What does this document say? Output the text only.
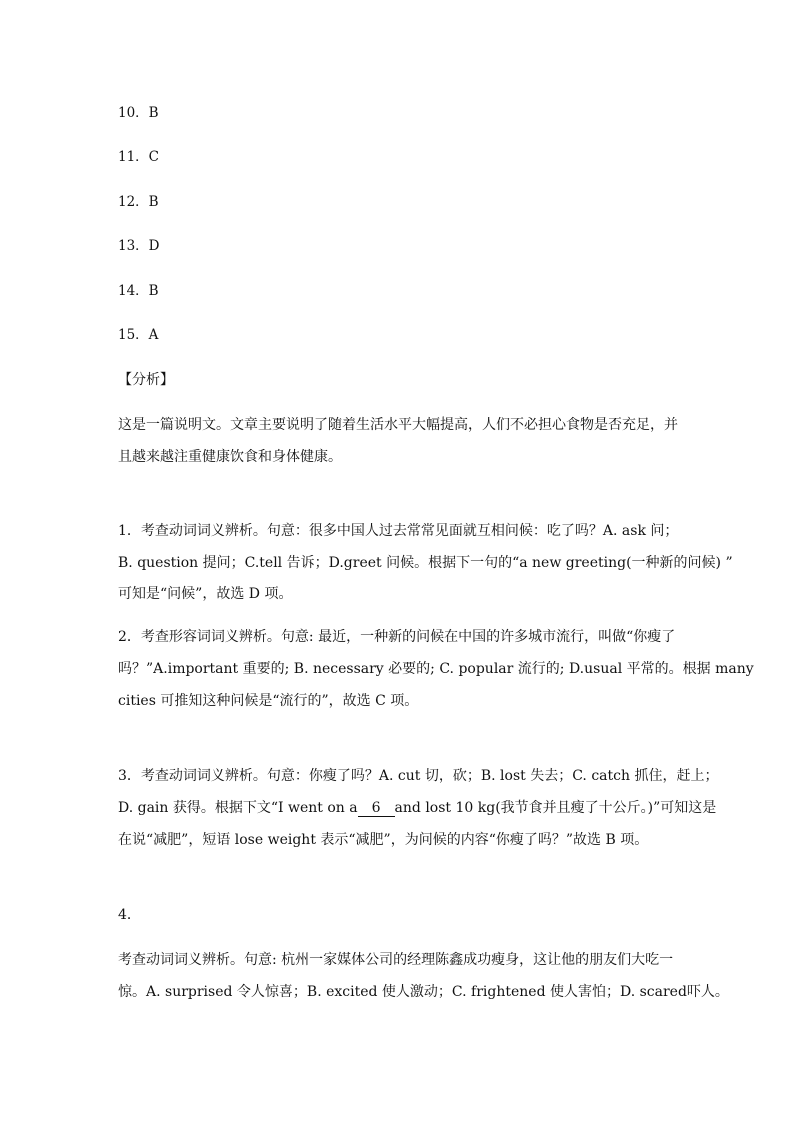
10．B
11．C
12．B
13．D
14．B
15．A
【分析】
这是一篇说明文。文章主要说明了随着生活水平大幅提高，人们不必担心食物是否充足，并
且越来越注重健康饮食和身体健康。
1．考查动词词义辨析。句意：很多中国人过去常常见面就互相问候：吃了吗？A. ask 问；
B. question 提问；C.tell 告诉；D.greet 问候。根据下一句的“a new greeting(一种新的问候) ”
可知是“问候”，故选 D 项。
2．考查形容词词义辨析。句意: 最近，一种新的问候在中国的许多城市流行，叫做“你瘦了
吗？”A.important 重要的; B. necessary 必要的; C. popular 流行的; D.usual 平常的。根据 many
cities 可推知这种问候是“流行的”，故选 C 项。
3．考查动词词义辨析。句意：你瘦了吗？A. cut 切，砍；B. lost 失去；C. catch 抓住，赶上；
D. gain 获得。根据下文“I went on a 6 and lost 10 kg(我节食并且瘦了十公斤。)”可知这是
在说“减肥”，短语 lose weight 表示“减肥”，为问候的内容“你瘦了吗？”故选 B 项。
4．
考查动词词义辨析。句意: 杭州一家媒体公司的经理陈鑫成功瘦身，这让他的朋友们大吃一
惊。A. surprised 令人惊喜；B. excited 使人激动；C. frightened 使人害怕；D. scared吓人。
